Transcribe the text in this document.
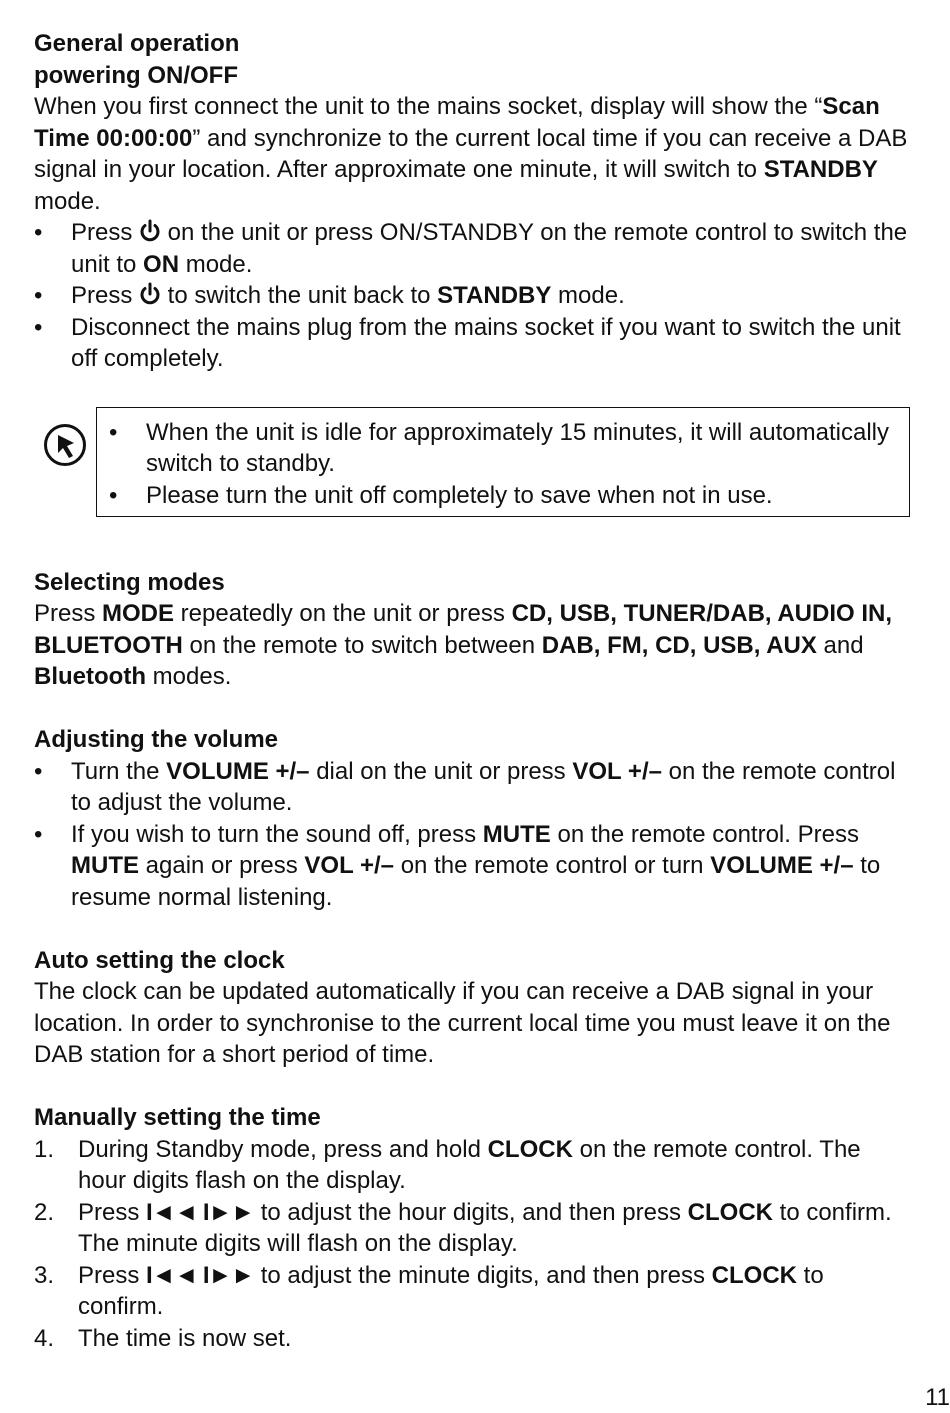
General operation

powering ON/OFF

When you first connect the unit to the mains socket, display will show the “Scan Time 00:00:00” and synchronize to the current local time if you can receive a DAB signal in your location. After approximate one minute, it will switch to STANDBY mode.

• Press  on the unit or press ON/STANDBY on the remote control to switch the unit to ON mode.
• Press  to switch the unit back to STANDBY mode.
• Disconnect the mains plug from the mains socket if you want to switch the unit off completely.
• When the unit is idle for approximately 15 minutes, it will automatically switch to standby.
• Please turn the unit off completely to save when not in use.

Selecting modes

Press MODE repeatedly on the unit or press CD, USB, TUNER/DAB, AUDIO IN, BLUETOOTH on the remote to switch between DAB, FM, CD, USB, AUX and Bluetooth modes.

Adjusting the volume

• Turn the VOLUME +/– dial on the unit or press VOL +/– on the remote control to adjust the volume.
• If you wish to turn the sound off, press MUTE on the remote control. Press MUTE again or press VOL +/– on the remote control or turn VOLUME +/– to resume normal listening.

Auto setting the clock

The clock can be updated automatically if you can receive a DAB signal in your location. In order to synchronise to the current local time you must leave it on the DAB station for a short period of time.

Manually setting the time

1. During Standby mode, press and hold CLOCK on the remote control. The hour digits flash on the display.
2. Press I◄◄ I►► to adjust the hour digits, and then press CLOCK to confirm. The minute digits will flash on the display.
3. Press I◄◄ I►► to adjust the minute digits, and then press CLOCK to confirm.
4. The time is now set.
11
